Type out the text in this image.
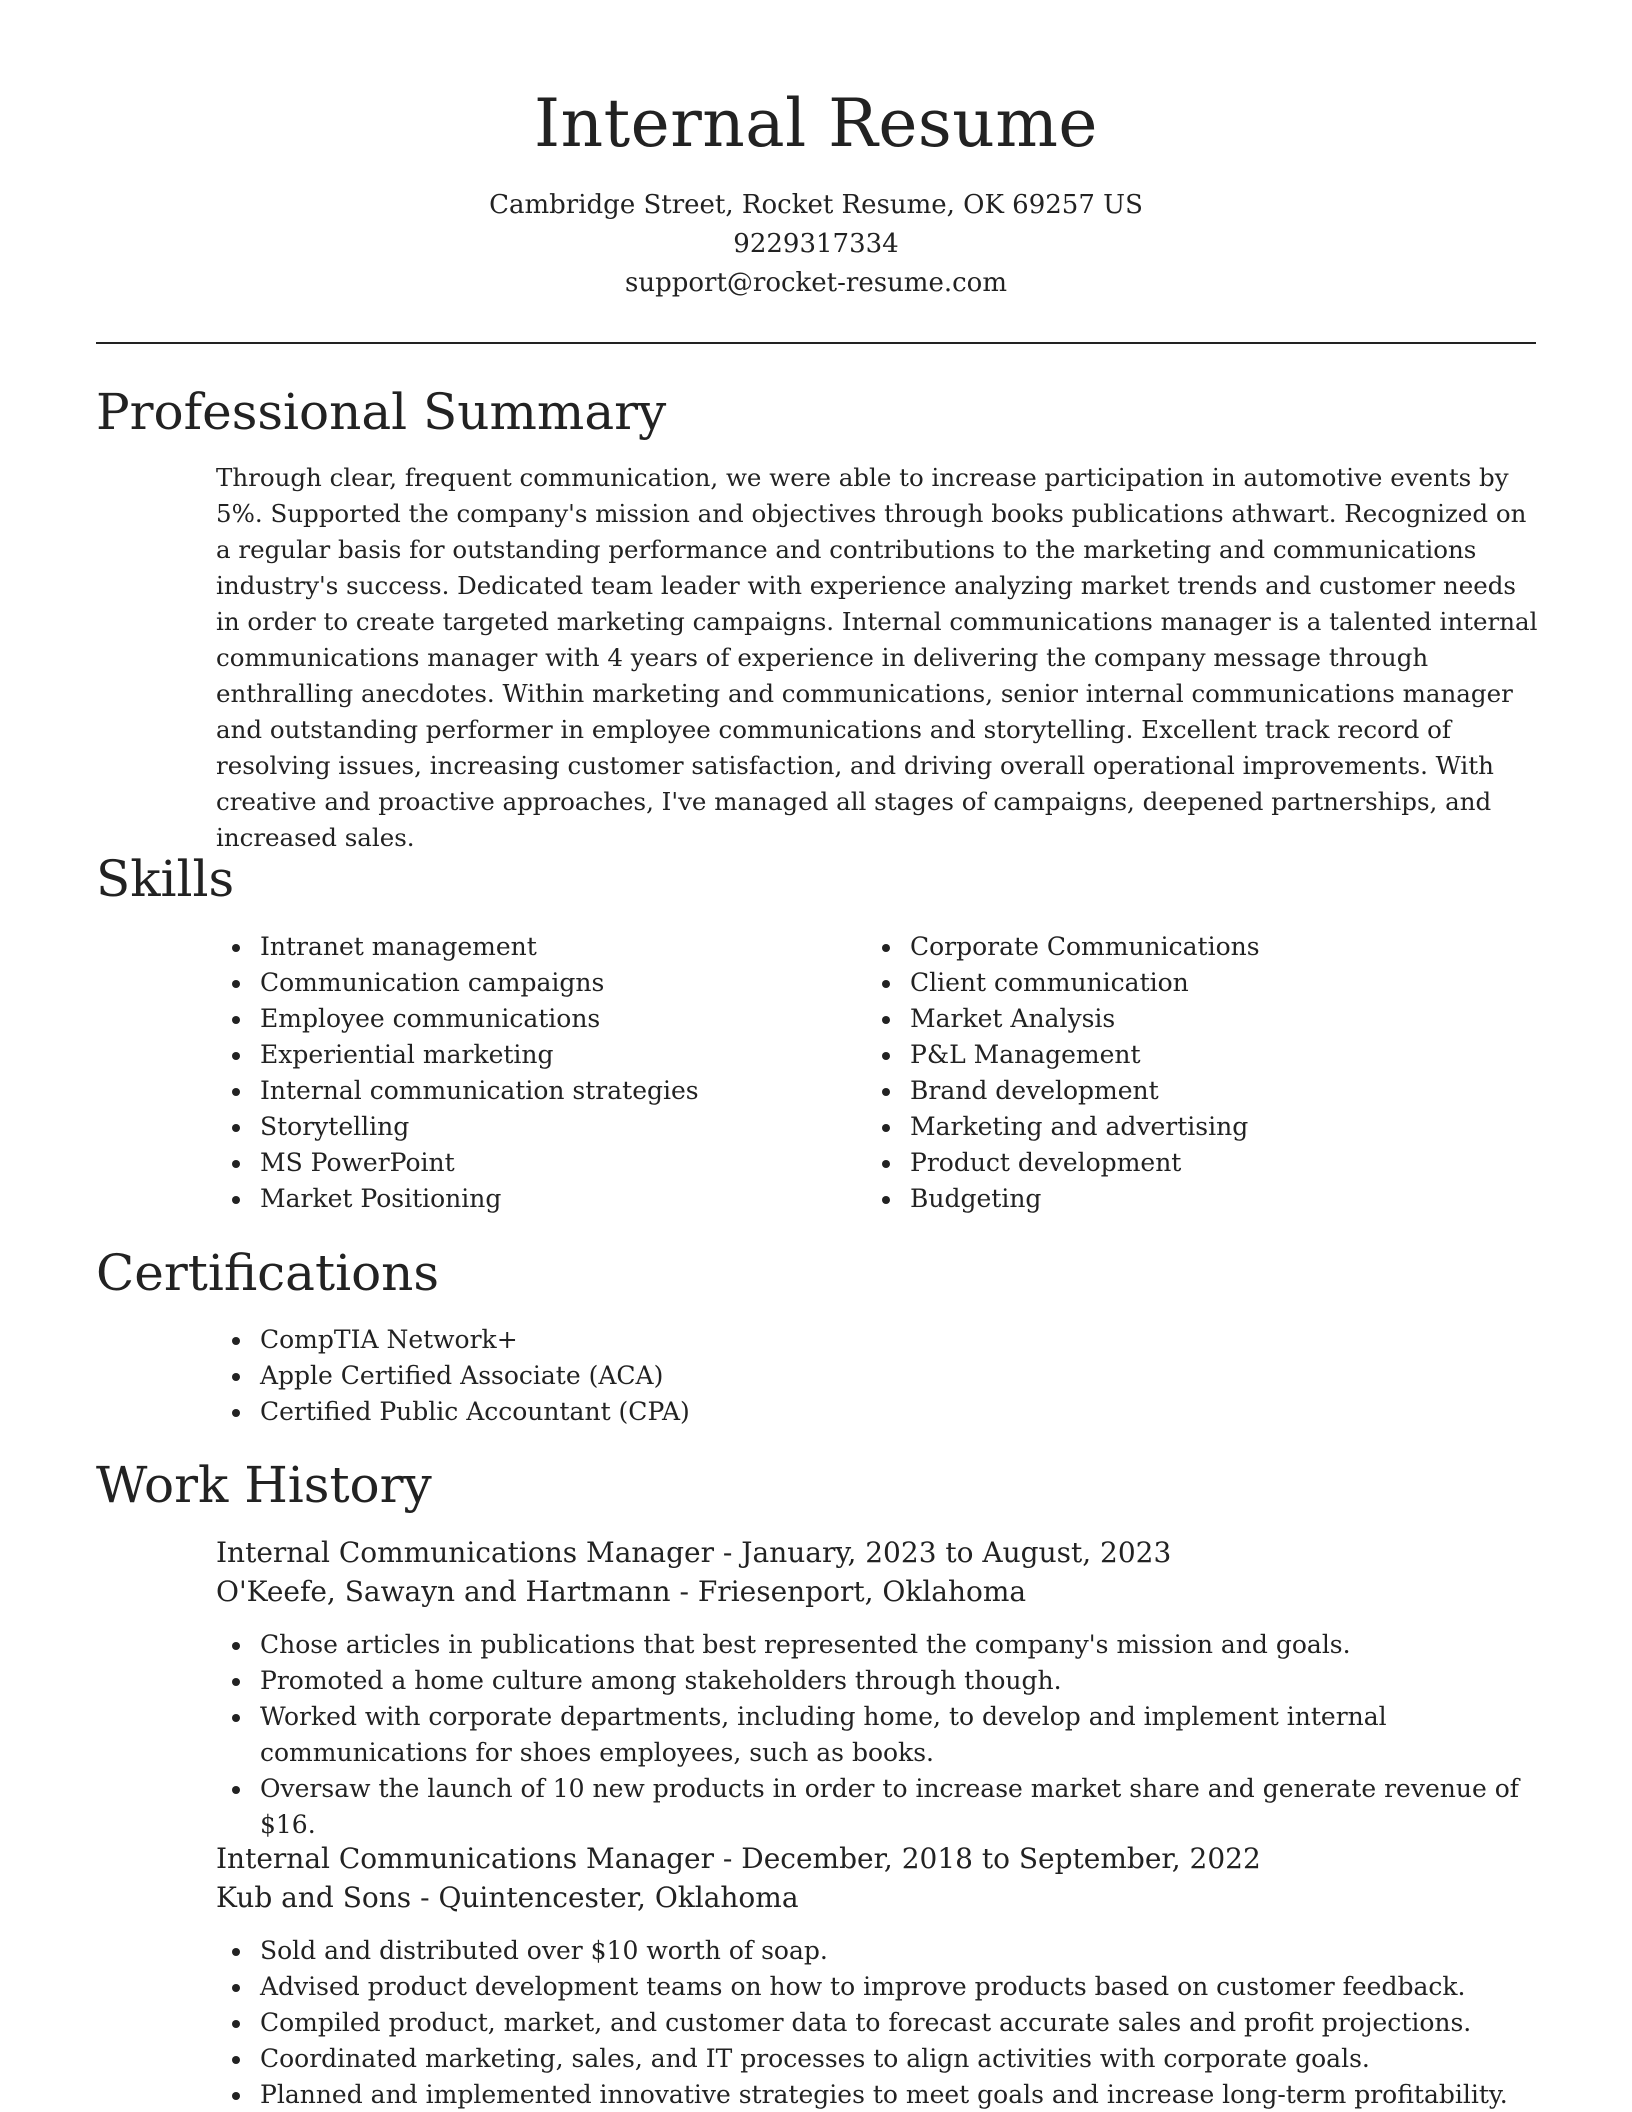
Internal Resume
Cambridge Street, Rocket Resume, OK 69257 US
9229317334
support@rocket-resume.com
Professional Summary

Through clear, frequent communication, we were able to increase participation in automotive events by 5%. Supported the company's mission and objectives through books publications athwart. Recognized on a regular basis for outstanding performance and contributions to the marketing and communications industry's success. Dedicated team leader with experience analyzing market trends and customer needs in order to create targeted marketing campaigns. Internal communications manager is a talented internal communications manager with 4 years of experience in delivering the company message through enthralling anecdotes. Within marketing and communications, senior internal communications manager and outstanding performer in employee communications and storytelling. Excellent track record of resolving issues, increasing customer satisfaction, and driving overall operational improvements. With creative and proactive approaches, I've managed all stages of campaigns, deepened partnerships, and increased sales.

Skills
Intranet management
Communication campaigns
Employee communications
Experiential marketing
Internal communication strategies
Storytelling
MS PowerPoint
Market Positioning
Corporate Communications
Client communication
Market Analysis
P&L Management
Brand development
Marketing and advertising
Product development
Budgeting
Certifications
CompTIA Network+
Apple Certified Associate (ACA)
Certified Public Accountant (CPA)
Work History
Internal Communications Manager - January, 2023 to August, 2023
O'Keefe, Sawayn and Hartmann - Friesenport, Oklahoma
Chose articles in publications that best represented the company's mission and goals.
Promoted a home culture among stakeholders through though.
Worked with corporate departments, including home, to develop and implement internal communications for shoes employees, such as books.
Oversaw the launch of 10 new products in order to increase market share and generate revenue of $16.
Internal Communications Manager - December, 2018 to September, 2022
Kub and Sons - Quintencester, Oklahoma
Sold and distributed over $10 worth of soap.
Advised product development teams on how to improve products based on customer feedback.
Compiled product, market, and customer data to forecast accurate sales and profit projections.
Coordinated marketing, sales, and IT processes to align activities with corporate goals.
Planned and implemented innovative strategies to meet goals and increase long-term profitability.
